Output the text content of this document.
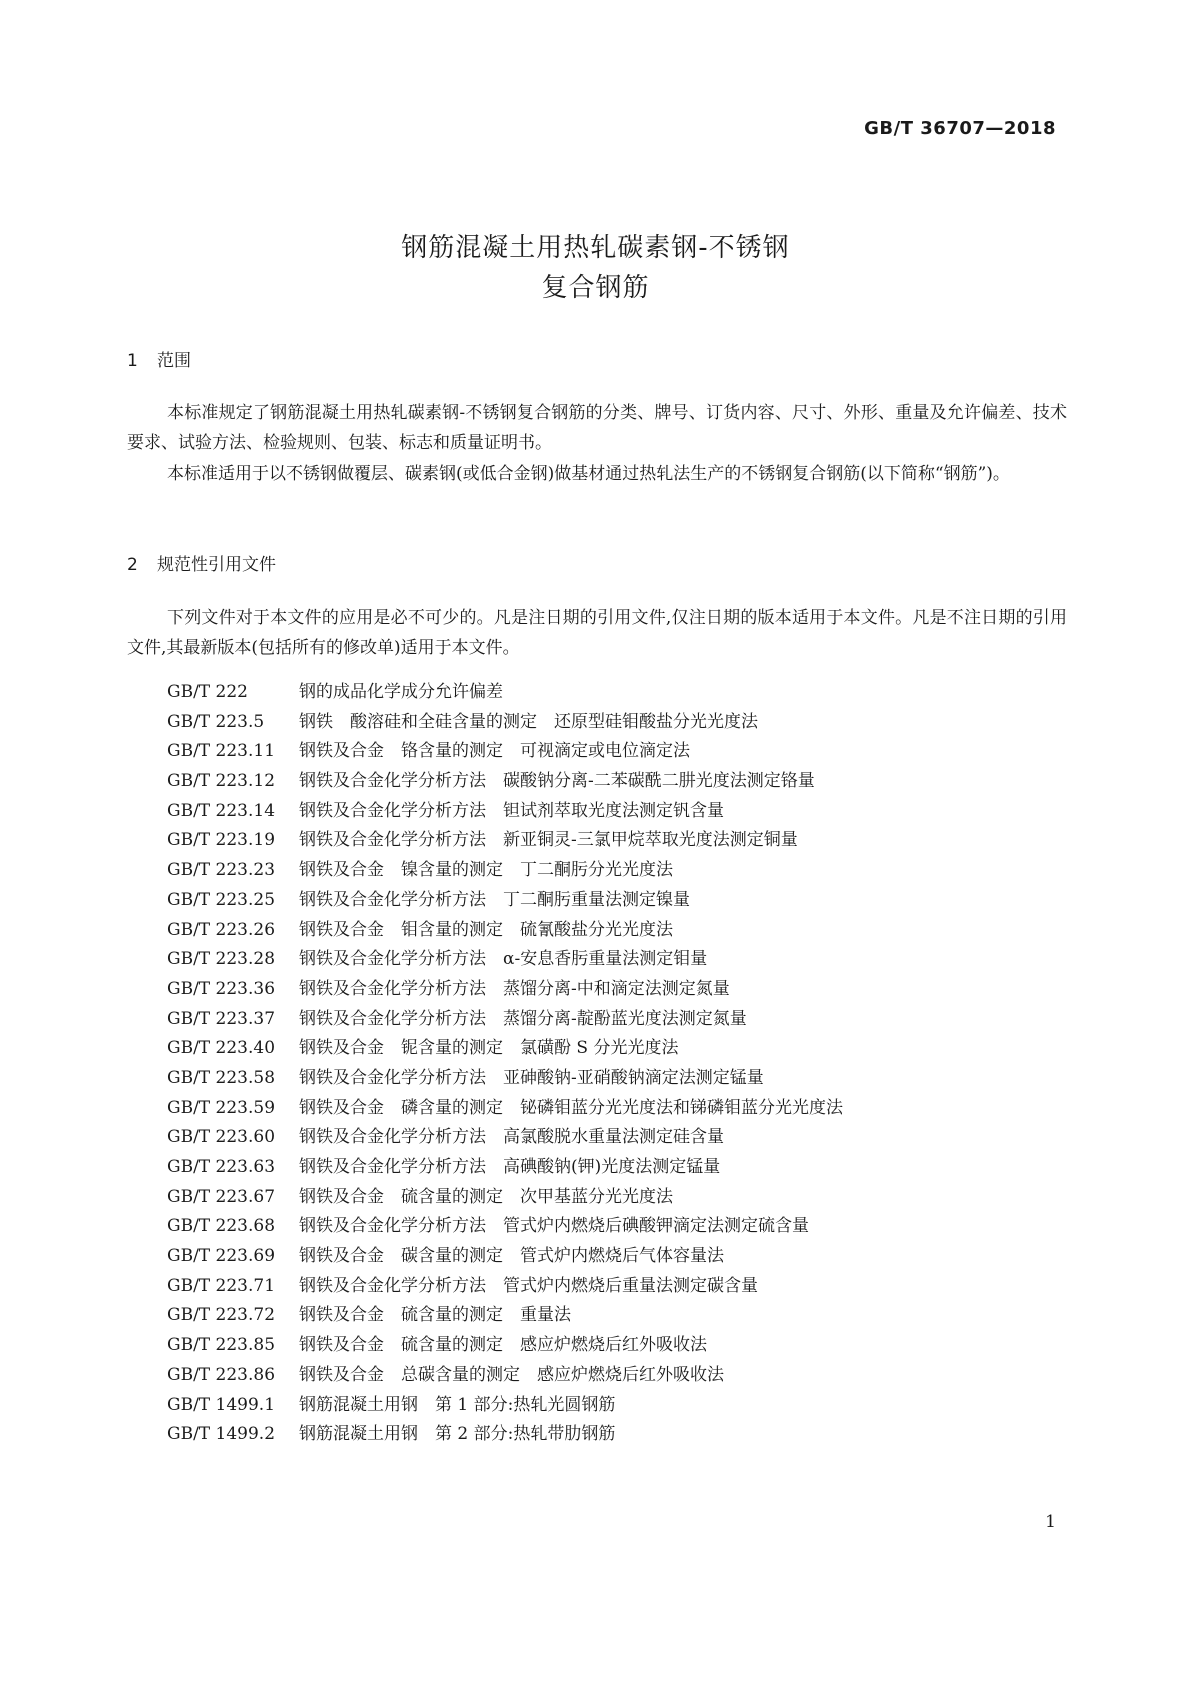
GB/T 36707—2018
钢筋混凝土用热轧碳素钢-不锈钢
复合钢筋
1 范围
本标准规定了钢筋混凝土用热轧碳素钢-不锈钢复合钢筋的分类、牌号、订货内容、尺寸、外形、重量及允许偏差、技术要求、试验方法、检验规则、包装、标志和质量证明书。
本标准适用于以不锈钢做覆层、碳素钢(或低合金钢)做基材通过热轧法生产的不锈钢复合钢筋(以下简称“钢筋”)。
2 规范性引用文件
下列文件对于本文件的应用是必不可少的。凡是注日期的引用文件,仅注日期的版本适用于本文件。凡是不注日期的引用文件,其最新版本(包括所有的修改单)适用于本文件。
GB/T 222	钢的成品化学成分允许偏差
GB/T 223.5 钢铁　酸溶硅和全硅含量的测定　还原型硅钼酸盐分光光度法
GB/T 223.11 钢铁及合金　铬含量的测定　可视滴定或电位滴定法
GB/T 223.12 钢铁及合金化学分析方法　碳酸钠分离-二苯碳酰二肼光度法测定铬量
GB/T 223.14 钢铁及合金化学分析方法　钽试剂萃取光度法测定钒含量
GB/T 223.19 钢铁及合金化学分析方法　新亚铜灵-三氯甲烷萃取光度法测定铜量
GB/T 223.23 钢铁及合金　镍含量的测定　丁二酮肟分光光度法
GB/T 223.25 钢铁及合金化学分析方法　丁二酮肟重量法测定镍量
GB/T 223.26 钢铁及合金　钼含量的测定　硫氰酸盐分光光度法
GB/T 223.28 钢铁及合金化学分析方法　α-安息香肟重量法测定钼量
GB/T 223.36 钢铁及合金化学分析方法　蒸馏分离-中和滴定法测定氮量
GB/T 223.37 钢铁及合金化学分析方法　蒸馏分离-靛酚蓝光度法测定氮量
GB/T 223.40 钢铁及合金　铌含量的测定　氯磺酚 S 分光光度法
GB/T 223.58 钢铁及合金化学分析方法　亚砷酸钠-亚硝酸钠滴定法测定锰量
GB/T 223.59 钢铁及合金　磷含量的测定　铋磷钼蓝分光光度法和锑磷钼蓝分光光度法
GB/T 223.60 钢铁及合金化学分析方法　高氯酸脱水重量法测定硅含量
GB/T 223.63 钢铁及合金化学分析方法　高碘酸钠(钾)光度法测定锰量
GB/T 223.67 钢铁及合金　硫含量的测定　次甲基蓝分光光度法
GB/T 223.68 钢铁及合金化学分析方法　管式炉内燃烧后碘酸钾滴定法测定硫含量
GB/T 223.69 钢铁及合金　碳含量的测定　管式炉内燃烧后气体容量法
GB/T 223.71 钢铁及合金化学分析方法　管式炉内燃烧后重量法测定碳含量
GB/T 223.72 钢铁及合金　硫含量的测定　重量法
GB/T 223.85 钢铁及合金　硫含量的测定　感应炉燃烧后红外吸收法
GB/T 223.86 钢铁及合金　总碳含量的测定　感应炉燃烧后红外吸收法
GB/T 1499.1 钢筋混凝土用钢　第 1 部分:热轧光圆钢筋
GB/T 1499.2 钢筋混凝土用钢　第 2 部分:热轧带肋钢筋
1
